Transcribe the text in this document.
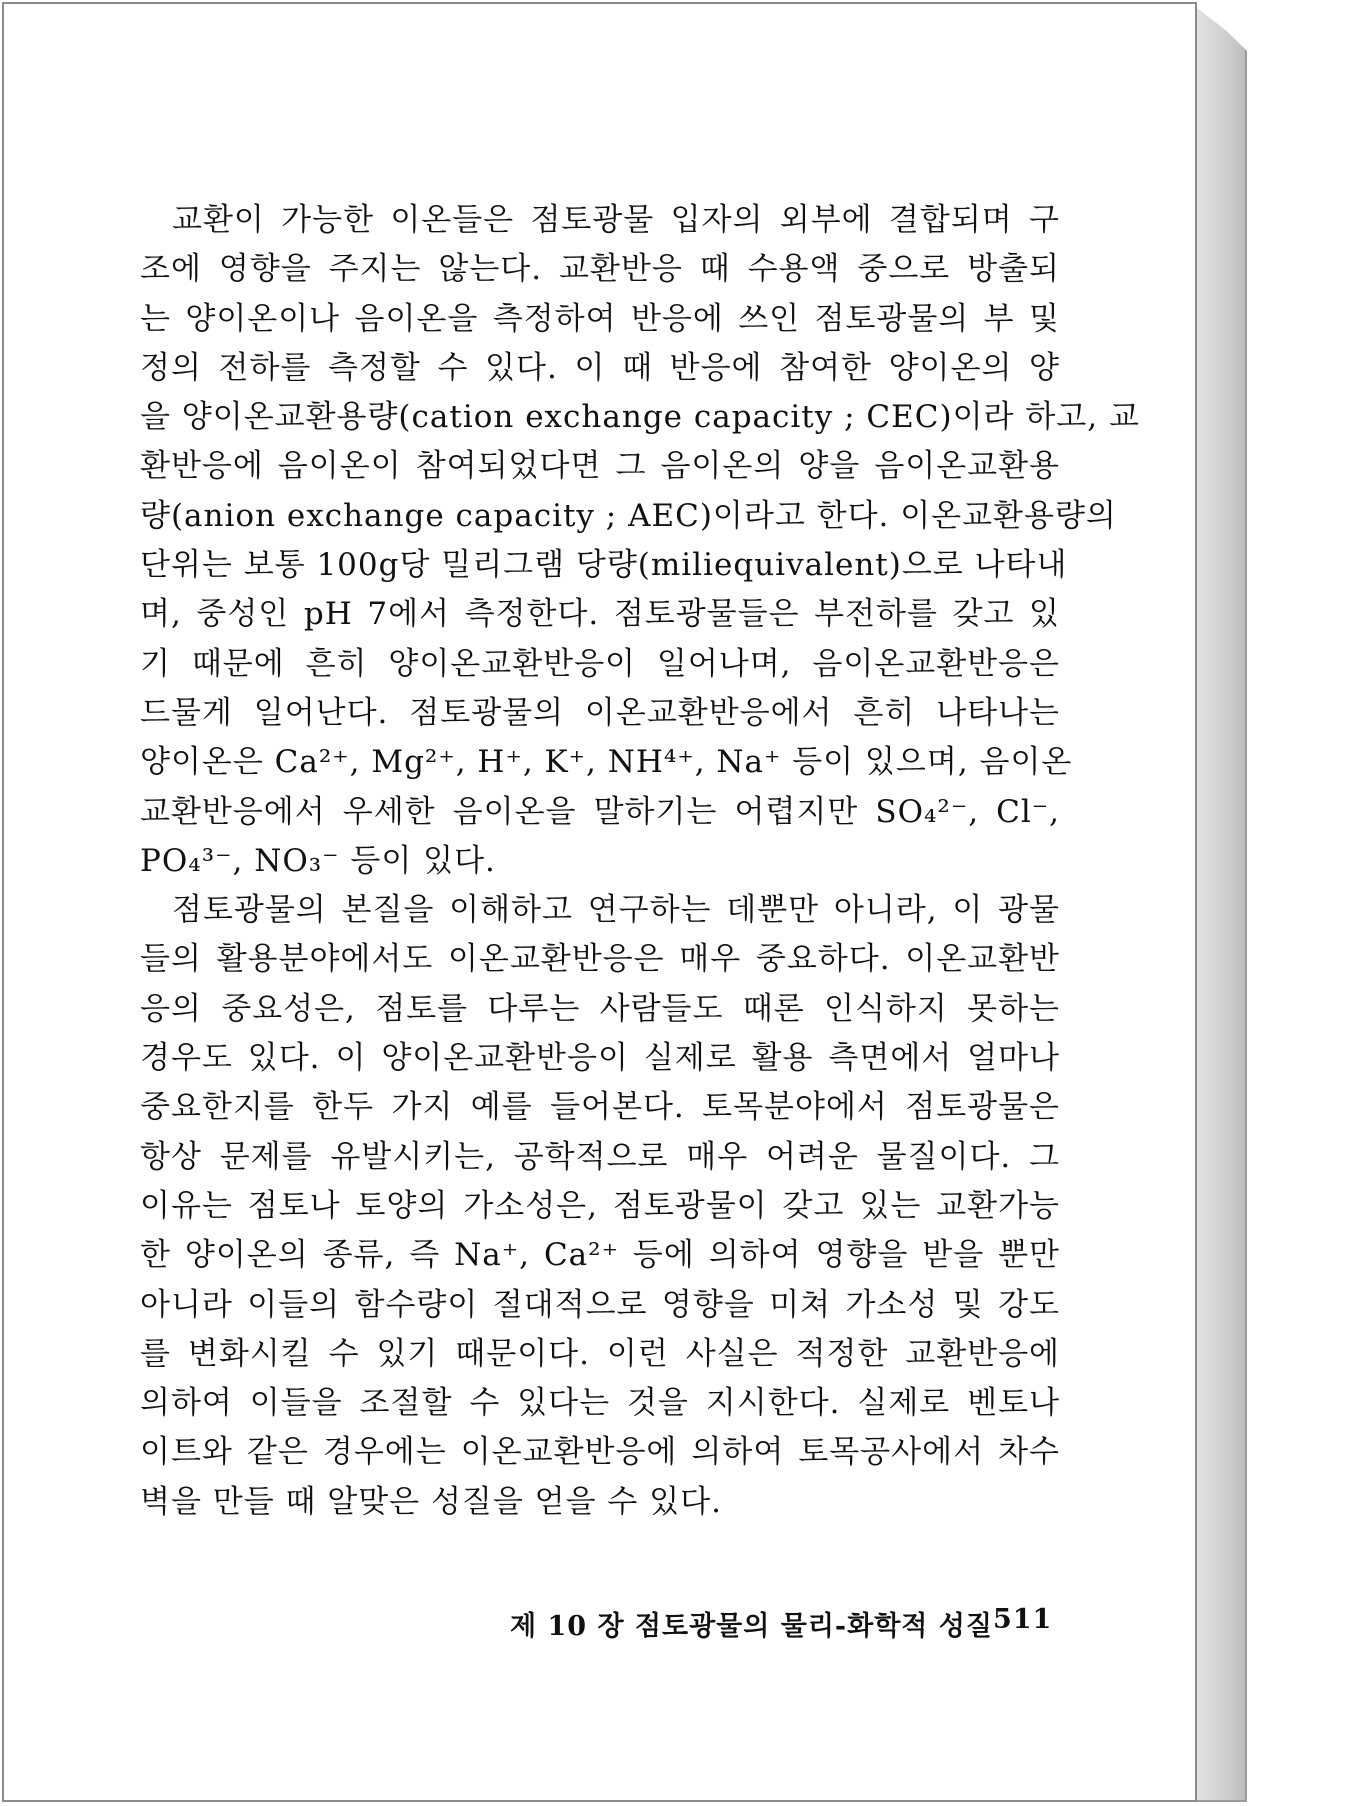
교환이 가능한 이온들은 점토광물 입자의 외부에 결합되며 구
조에 영향을 주지는 않는다. 교환반응 때 수용액 중으로 방출되
는 양이온이나 음이온을 측정하여 반응에 쓰인 점토광물의 부 및
정의 전하를 측정할 수 있다. 이 때 반응에 참여한 양이온의 양
을 양이온교환용량(cation exchange capacity ; CEC)이라 하고, 교
환반응에 음이온이 참여되었다면 그 음이온의 양을 음이온교환용
량(anion exchange capacity ; AEC)이라고 한다. 이온교환용량의
단위는 보통 100g당 밀리그램 당량(miliequivalent)으로 나타내
며, 중성인 pH 7에서 측정한다. 점토광물들은 부전하를 갖고 있
기 때문에 흔히 양이온교환반응이 일어나며, 음이온교환반응은
드물게 일어난다. 점토광물의 이온교환반응에서 흔히 나타나는
양이온은 Ca²⁺, Mg²⁺, H⁺, K⁺, NH⁴⁺, Na⁺ 등이 있으며, 음이온
교환반응에서 우세한 음이온을 말하기는 어렵지만 SO₄²⁻, Cl⁻,
PO₄³⁻, NO₃⁻ 등이 있다.
점토광물의 본질을 이해하고 연구하는 데뿐만 아니라, 이 광물
들의 활용분야에서도 이온교환반응은 매우 중요하다. 이온교환반
응의 중요성은, 점토를 다루는 사람들도 때론 인식하지 못하는
경우도 있다. 이 양이온교환반응이 실제로 활용 측면에서 얼마나
중요한지를 한두 가지 예를 들어본다. 토목분야에서 점토광물은
항상 문제를 유발시키는, 공학적으로 매우 어려운 물질이다. 그
이유는 점토나 토양의 가소성은, 점토광물이 갖고 있는 교환가능
한 양이온의 종류, 즉 Na⁺, Ca²⁺ 등에 의하여 영향을 받을 뿐만
아니라 이들의 함수량이 절대적으로 영향을 미쳐 가소성 및 강도
를 변화시킬 수 있기 때문이다. 이런 사실은 적정한 교환반응에
의하여 이들을 조절할 수 있다는 것을 지시한다. 실제로 벤토나
이트와 같은 경우에는 이온교환반응에 의하여 토목공사에서 차수
벽을 만들 때 알맞은 성질을 얻을 수 있다.
제 10 장 점토광물의 물리-화학적 성질 511
